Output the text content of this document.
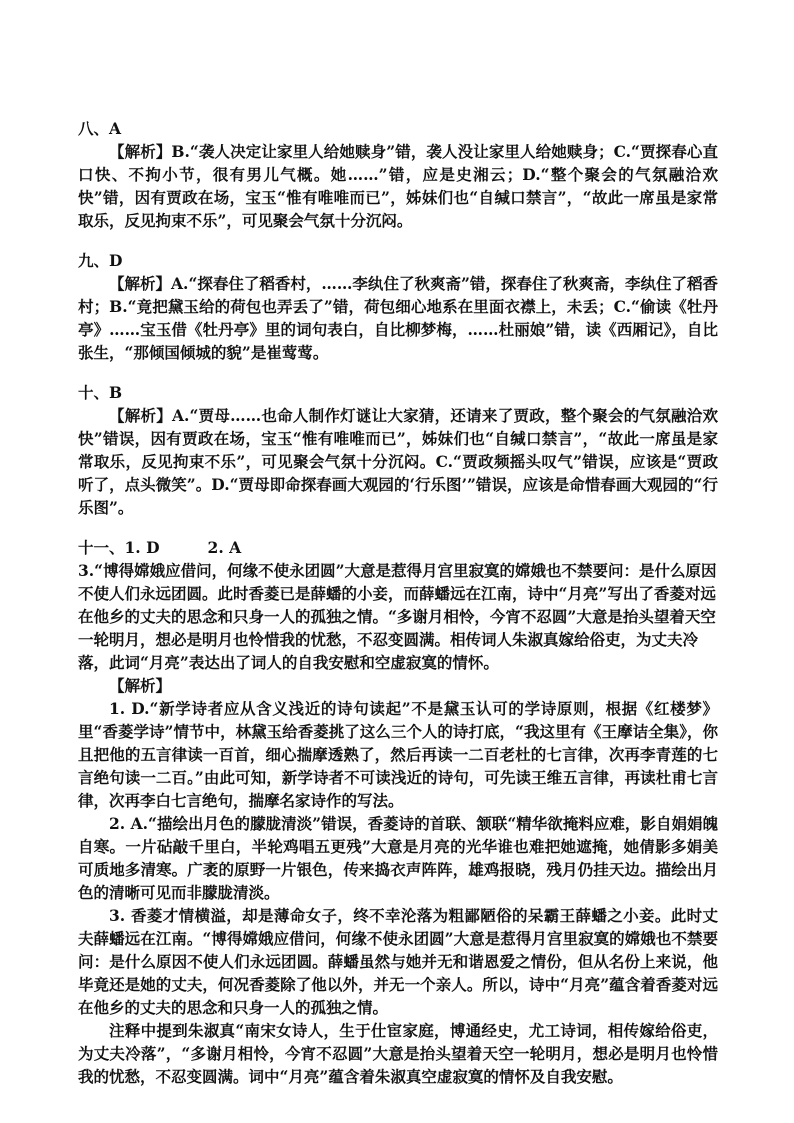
八、A

【解析】B.“袭人决定让家里人给她赎身”错，袭人没让家里人给她赎身；C.“贾探春心直口快、不拘小节，很有男儿气概。她……”错，应是史湘云；D.“整个聚会的气氛融洽欢快”错，因有贾政在场，宝玉“惟有唯唯而已”，姊妹们也“自缄口禁言”，“故此一席虽是家常取乐，反见拘束不乐”，可见聚会气氛十分沉闷。

九、D

【解析】A.“探春住了稻香村，……李纨住了秋爽斋”错，探春住了秋爽斋，李纨住了稻香村；B.“竟把黛玉给的荷包也弄丢了”错，荷包细心地系在里面衣襟上，未丢；C.“偷读《牡丹亭》……宝玉借《牡丹亭》里的词句表白，自比柳梦梅，……杜丽娘”错，读《西厢记》，自比张生，“那倾国倾城的貌”是崔莺莺。

十、B

【解析】A.“贾母……也命人制作灯谜让大家猜，还请来了贾政，整个聚会的气氛融洽欢快”错误，因有贾政在场，宝玉“惟有唯唯而已”，姊妹们也“自缄口禁言”，“故此一席虽是家常取乐，反见拘束不乐”，可见聚会气氛十分沉闷。C.“贾政频摇头叹气”错误，应该是“贾政听了，点头微笑”。D.“贾母即命探春画大观园的‘行乐图’”错误，应该是命惜春画大观园的“行乐图”。

十一、1. D	2. A

3.“博得嫦娥应借问，何缘不使永团圆”大意是惹得月宫里寂寞的嫦娥也不禁要问：是什么原因不使人们永远团圆。此时香菱已是薛蟠的小妾，而薛蟠远在江南，诗中“月亮”写出了香菱对远在他乡的丈夫的思念和只身一人的孤独之情。“多谢月相怜，今宵不忍圆”大意是抬头望着天空一轮明月，想必是明月也怜惜我的忧愁，不忍变圆满。相传词人朱淑真嫁给俗吏，为丈夫冷落，此词“月亮”表达出了词人的自我安慰和空虚寂寞的情怀。

【解析】

1. D.“新学诗者应从含义浅近的诗句读起”不是黛玉认可的学诗原则，根据《红楼梦》里“香菱学诗”情节中，林黛玉给香菱挑了这么三个人的诗打底，“我这里有《王摩诘全集》，你且把他的五言律读一百首，细心揣摩透熟了，然后再读一二百老杜的七言律，次再李青莲的七言绝句读一二百。”由此可知，新学诗者不可读浅近的诗句，可先读王维五言律，再读杜甫七言律，次再李白七言绝句，揣摩名家诗作的写法。

2. A.“描绘出月色的朦胧清淡”错误，香菱诗的首联、颔联“精华欲掩料应难，影自娟娟魄自寒。一片砧敲千里白，半轮鸡唱五更残”大意是月亮的光华谁也难把她遮掩，她倩影多娟美可质地多清寒。广袤的原野一片银色，传来捣衣声阵阵，雄鸡报晓，残月仍挂天边。描绘出月色的清晰可见而非朦胧清淡。

3. 香菱才情横溢，却是薄命女子，终不幸沦落为粗鄙陋俗的呆霸王薛蟠之小妾。此时丈夫薛蟠远在江南。“博得嫦娥应借问，何缘不使永团圆”大意是惹得月宫里寂寞的嫦娥也不禁要问：是什么原因不使人们永远团圆。薛蟠虽然与她并无和谐恩爱之情份，但从名份上来说，他毕竟还是她的丈夫，何况香菱除了他以外，并无一个亲人。所以，诗中“月亮”蕴含着香菱对远在他乡的丈夫的思念和只身一人的孤独之情。

注释中提到朱淑真“南宋女诗人，生于仕宦家庭，博通经史，尤工诗词，相传嫁给俗吏，为丈夫冷落”，“多谢月相怜，今宵不忍圆”大意是抬头望着天空一轮明月，想必是明月也怜惜我的忧愁，不忍变圆满。词中“月亮”蕴含着朱淑真空虚寂寞的情怀及自我安慰。
